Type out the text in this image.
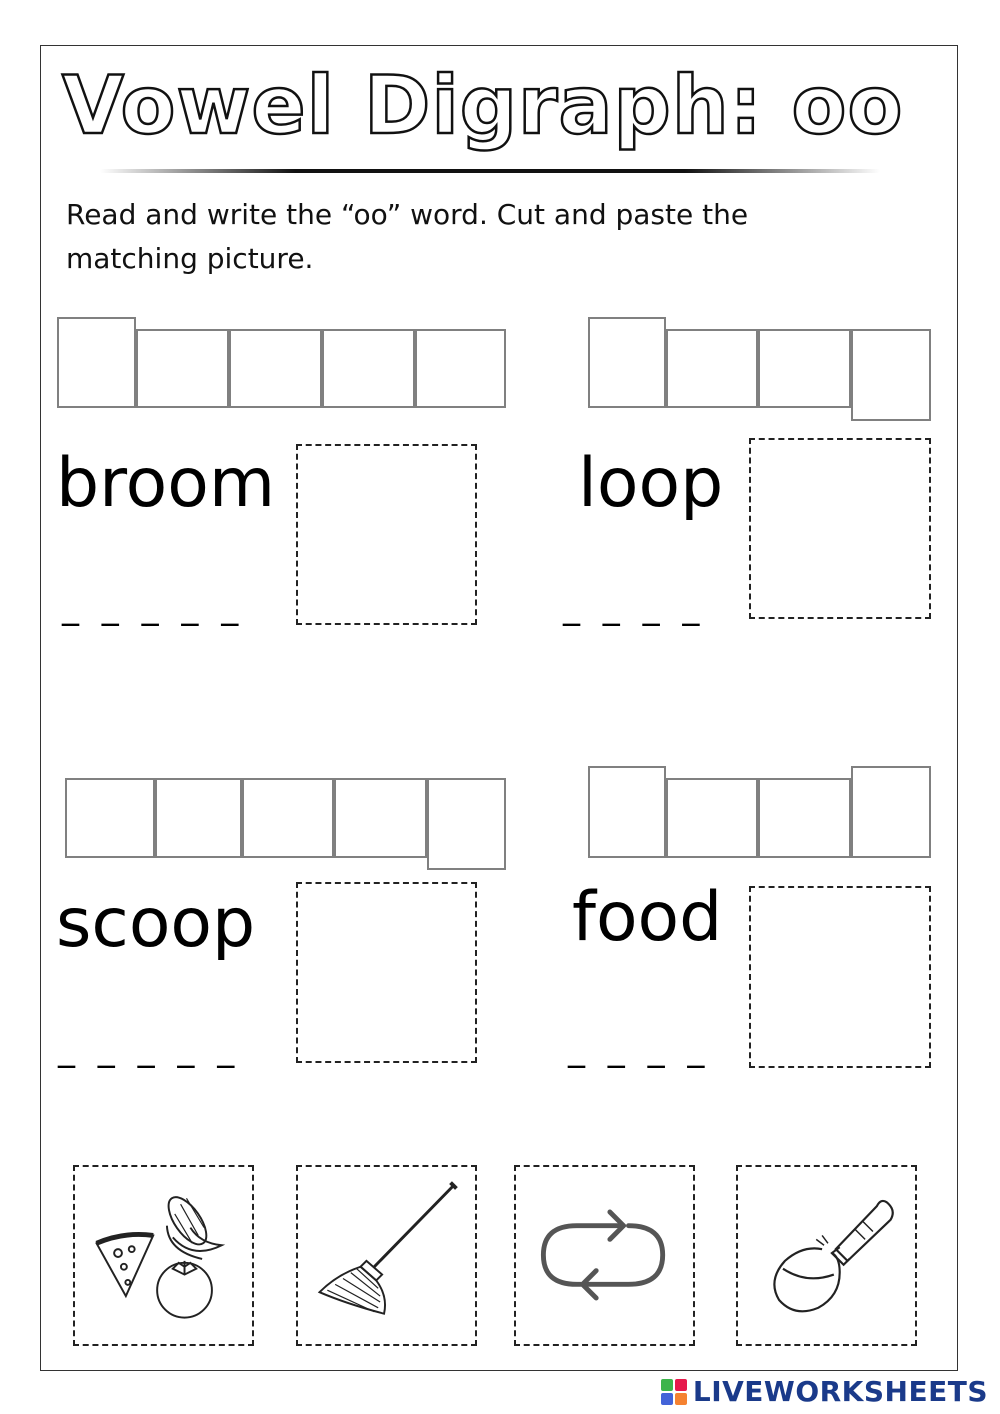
Vowel Digraph: oo
Read and write the “oo” word. Cut and paste the matching picture.
broom
_ _ _ _ _
loop
_ _ _ _
scoop
_ _ _ _ _
food
_ _ _ _
LIVEWORKSHEETS
